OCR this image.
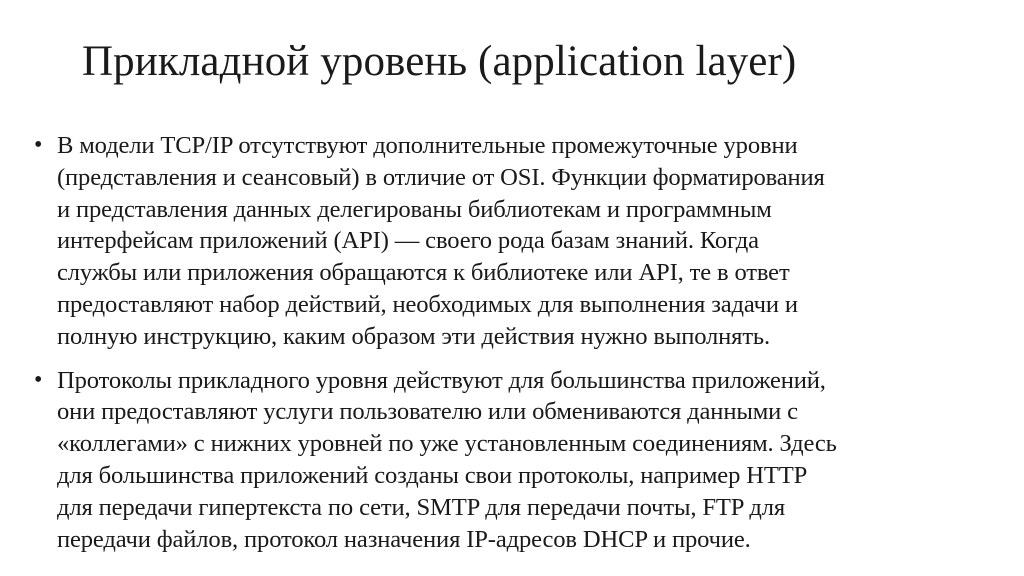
Прикладной уровень (application layer)
• В модели TCP/IP отсутствуют дополнительные промежуточные уровни
(представления и сеансовый) в отличие от OSI. Функции форматирования
и представления данных делегированы библиотекам и программным
интерфейсам приложений (API) — своего рода базам знаний. Когда
службы или приложения обращаются к библиотеке или API, те в ответ
предоставляют набор действий, необходимых для выполнения задачи и
полную инструкцию, каким образом эти действия нужно выполнять.
• Протоколы прикладного уровня действуют для большинства приложений,
они предоставляют услуги пользователю или обмениваются данными с
«коллегами» с нижних уровней по уже установленным соединениям. Здесь
для большинства приложений созданы свои протоколы, например HTTP
для передачи гипертекста по сети, SMTP для передачи почты, FTP для
передачи файлов, протокол назначения IP-адресов DHCP и прочие.
